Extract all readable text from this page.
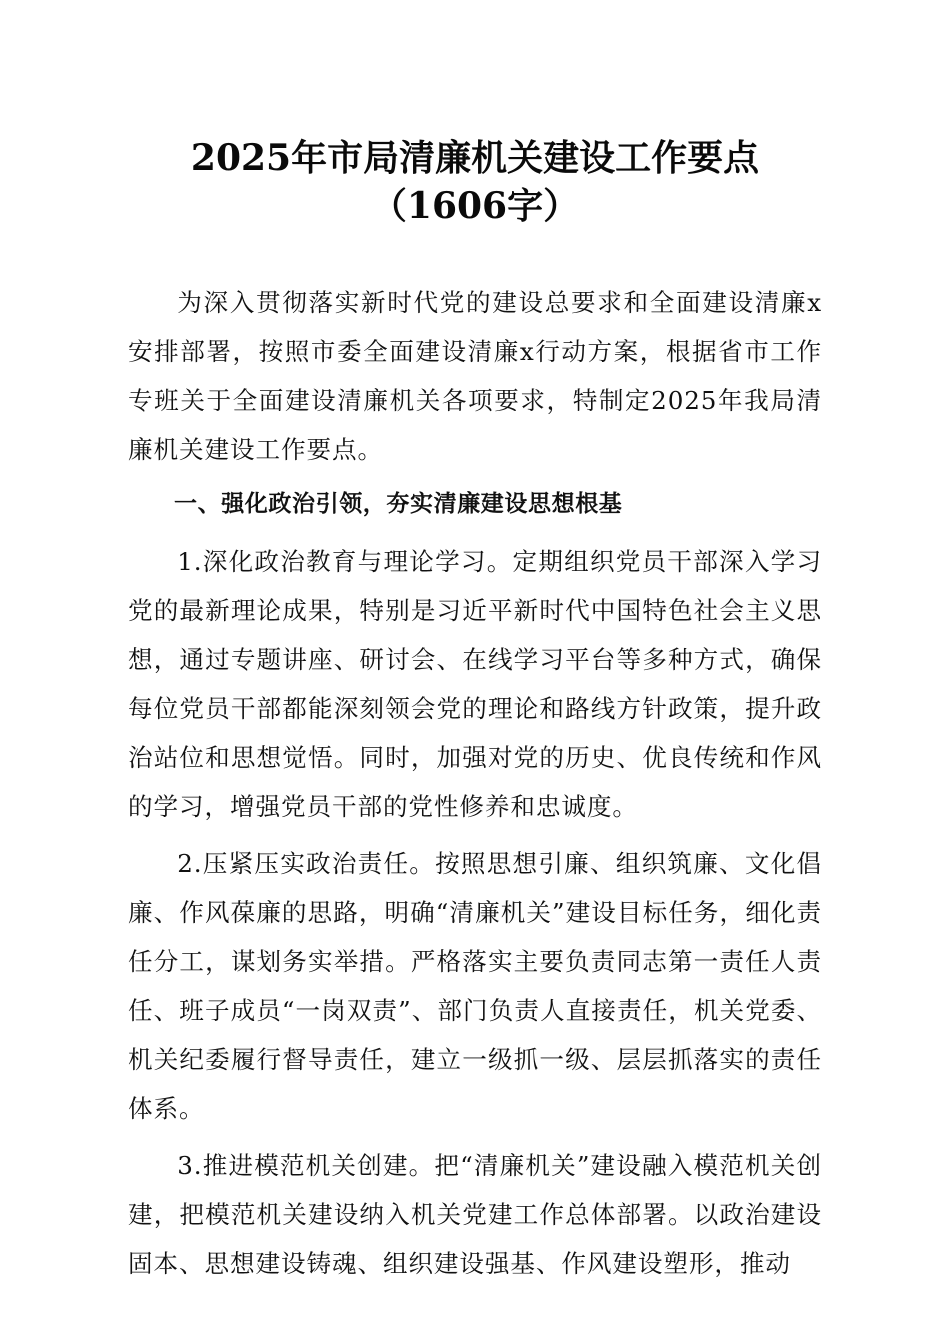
2025年市局清廉机关建设工作要点（1606字）

为深入贯彻落实新时代党的建设总要求和全面建设清廉x安排部署，按照市委全面建设清廉x行动方案，根据省市工作专班关于全面建设清廉机关各项要求，特制定2025年我局清廉机关建设工作要点。

一、强化政治引领，夯实清廉建设思想根基

1.深化政治教育与理论学习。定期组织党员干部深入学习党的最新理论成果，特别是习近平新时代中国特色社会主义思想，通过专题讲座、研讨会、在线学习平台等多种方式，确保每位党员干部都能深刻领会党的理论和路线方针政策，提升政治站位和思想觉悟。同时，加强对党的历史、优良传统和作风的学习，增强党员干部的党性修养和忠诚度。

2.压紧压实政治责任。按照思想引廉、组织筑廉、文化倡廉、作风葆廉的思路，明确“清廉机关”建设目标任务，细化责任分工，谋划务实举措。严格落实主要负责同志第一责任人责任、班子成员“一岗双责”、部门负责人直接责任，机关党委、机关纪委履行督导责任，建立一级抓一级、层层抓落实的责任体系。

3.推进模范机关创建。把“清廉机关”建设融入模范机关创建，把模范机关建设纳入机关党建工作总体部署。以政治建设固本、思想建设铸魂、组织建设强基、作风建设塑形，推动
